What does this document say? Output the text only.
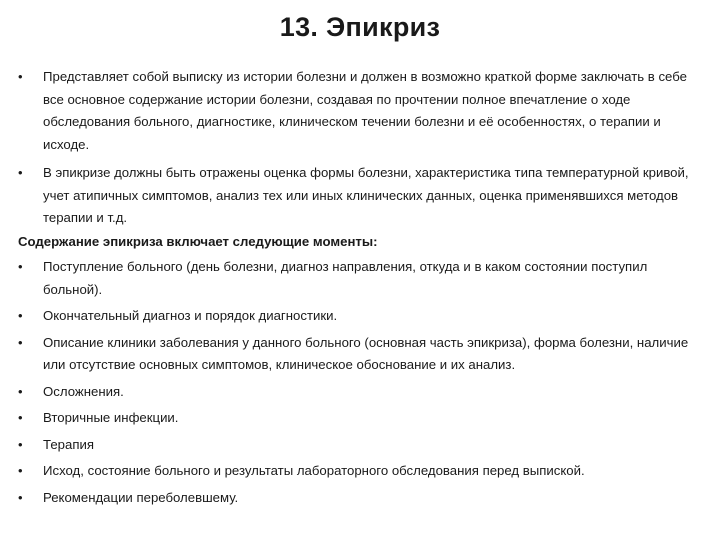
13. Эпикриз
•	Представляет собой выписку из истории болезни и должен в возможно краткой форме заключать в себе все основное содержание истории болезни, создавая по прочтении полное впечатление о ходе обследования больного, диагностике, клиническом течении болезни и её особенностях, о терапии и исходе.
•	В эпикризе должны быть отражены оценка формы болезни, характеристика типа температурной кривой, учет атипичных симптомов, анализ тех или иных клинических данных, оценка применявшихся методов терапии и т.д.
Содержание эпикриза включает следующие моменты:
• Поступление больного (день болезни, диагноз направления, откуда и в каком состоянии поступил больной).
• Окончательный диагноз и порядок диагностики.
• Описание клиники заболевания у данного больного (основная часть эпикриза), форма болезни, наличие или отсутствие основных симптомов, клиническое обоснование и их анализ.
• Осложнения.
• Вторичные инфекции.
• Терапия
• Исход, состояние больного и результаты лабораторного обследования перед выпиской.
• Рекомендации переболевшему.
